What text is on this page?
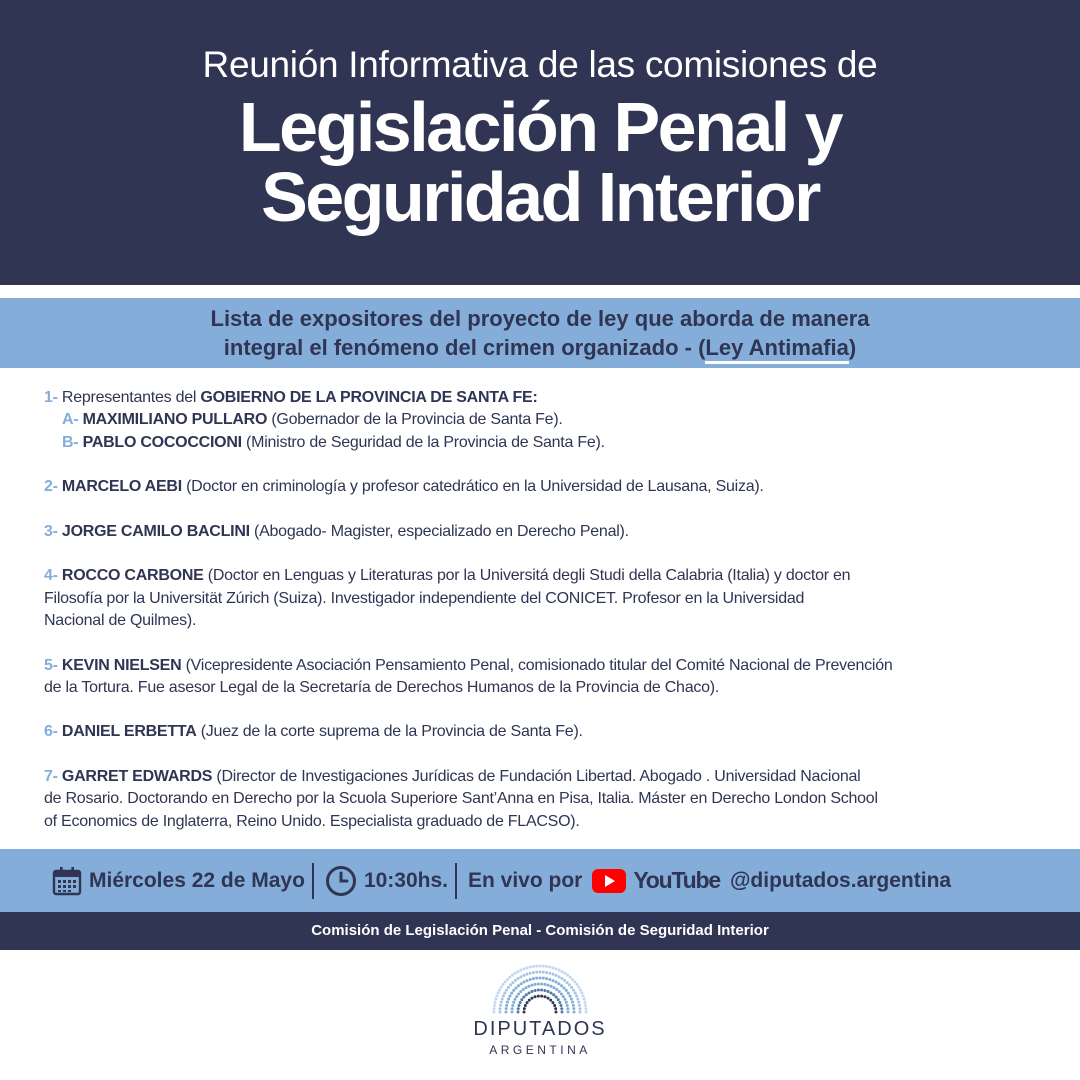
Reunión Informativa de las comisiones de
Legislación Penal y
Seguridad Interior
Lista de expositores del proyecto de ley que aborda de manera
integral el fenómeno del crimen organizado - (Ley Antimafia)
1- Representantes del GOBIERNO DE LA PROVINCIA DE SANTA FE:
A- MAXIMILIANO PULLARO (Gobernador de la Provincia de Santa Fe).
B- PABLO COCOCCIONI (Ministro de Seguridad de la Provincia de Santa Fe).
2- MARCELO AEBI (Doctor en criminología y profesor catedrático en la Universidad de Lausana, Suiza).
3- JORGE CAMILO BACLINI (Abogado- Magister, especializado en Derecho Penal).
4- ROCCO CARBONE (Doctor en Lenguas y Literaturas por la Universitá degli Studi della Calabria (Italia) y doctor en
Filosofía por la Universität Zúrich (Suiza). Investigador independiente del CONICET. Profesor en la Universidad
Nacional de Quilmes).
5- KEVIN NIELSEN (Vicepresidente Asociación Pensamiento Penal, comisionado titular del Comité Nacional de Prevención
de la Tortura. Fue asesor Legal de la Secretaría de Derechos Humanos de la Provincia de Chaco).
6- DANIEL ERBETTA (Juez de la corte suprema de la Provincia de Santa Fe).
7- GARRET EDWARDS (Director de Investigaciones Jurídicas de Fundación Libertad. Abogado . Universidad Nacional
de Rosario. Doctorando en Derecho por la Scuola Superiore Sant’Anna en Pisa, Italia. Máster en Derecho London School
of Economics de Inglaterra, Reino Unido. Especialista graduado de FLACSO).
Miércoles 22 de Mayo	10:30hs. En vivo por YouTube @diputados.argentina
Comisión de Legislación Penal - Comisión de Seguridad Interior
DIPUTADOS
ARGENTINA
